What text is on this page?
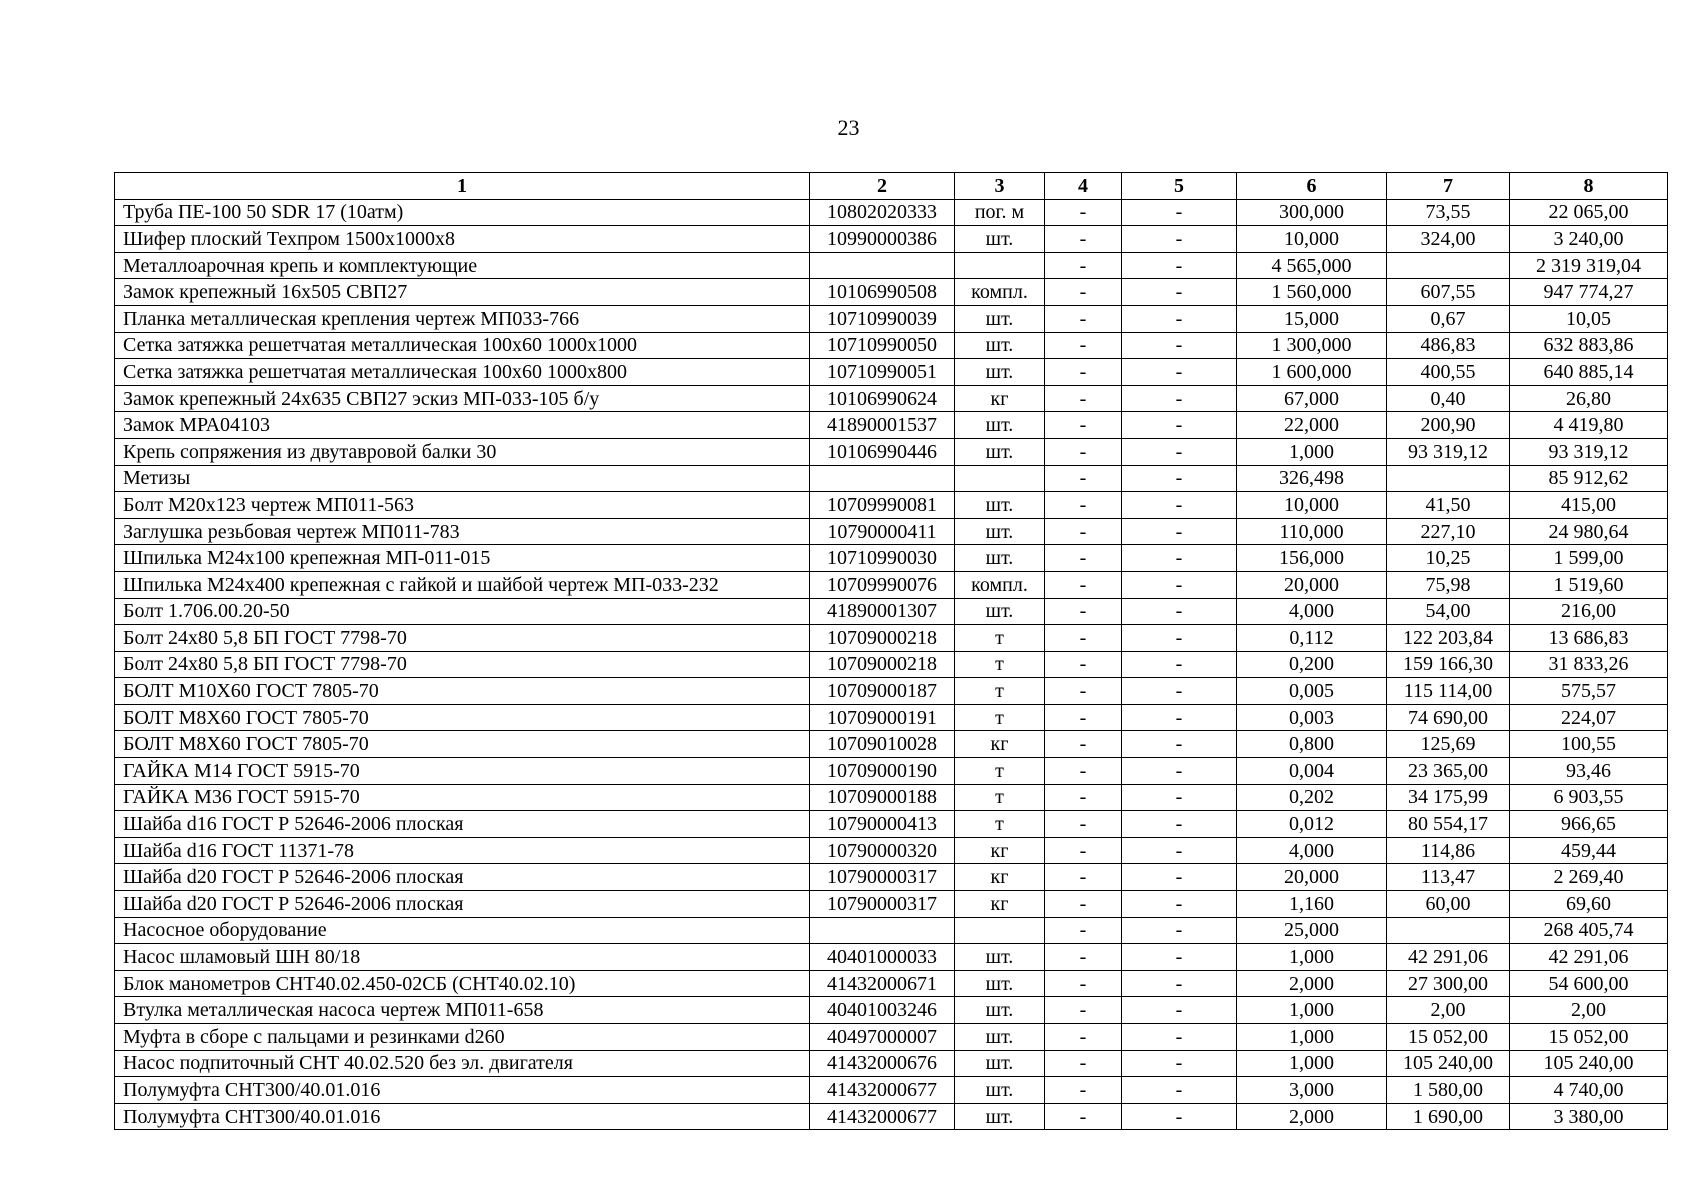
23
1	2	3	4	5	6	7	8
Труба ПЕ-100 50 SDR 17 (10атм)	10802020333	пог. м	-	-	300,000	73,55	22 065,00
Шифер плоский Техпром 1500x1000x8	10990000386	шт.	-	-	10,000	324,00	3 240,00
Металлоарочная крепь и комплектующие			-	-	4 565,000		2 319 319,04
Замок крепежный 16х505 СВП27	10106990508	компл.	-	-	1 560,000	607,55	947 774,27
Планка металлическая крепления чертеж МП033-766	10710990039	шт.	-	-	15,000	0,67	10,05
Сетка затяжка решетчатая металлическая 100х60 1000х1000	10710990050	шт.	-	-	1 300,000	486,83	632 883,86
Сетка затяжка решетчатая металлическая 100х60 1000х800	10710990051	шт.	-	-	1 600,000	400,55	640 885,14
Замок крепежный 24х635 СВП27 эскиз МП-033-105 б/у	10106990624	кг	-	-	67,000	0,40	26,80
Замок МРА04103	41890001537	шт.	-	-	22,000	200,90	4 419,80
Крепь сопряжения из двутавровой балки 30	10106990446	шт.	-	-	1,000	93 319,12	93 319,12
Метизы			-	-	326,498		85 912,62
Болт М20х123 чертеж МП011-563	10709990081	шт.	-	-	10,000	41,50	415,00
Заглушка резьбовая чертеж МП011-783	10790000411	шт.	-	-	110,000	227,10	24 980,64
Шпилька М24х100 крепежная МП-011-015	10710990030	шт.	-	-	156,000	10,25	1 599,00
Шпилька М24х400 крепежная с гайкой и шайбой чертеж МП-033-232	10709990076	компл.	-	-	20,000	75,98	1 519,60
Болт 1.706.00.20-50	41890001307	шт.	-	-	4,000	54,00	216,00
Болт 24х80 5,8 БП ГОСТ 7798-70	10709000218	т	-	-	0,112	122 203,84	13 686,83
Болт 24х80 5,8 БП ГОСТ 7798-70	10709000218	т	-	-	0,200	159 166,30	31 833,26
БОЛТ М10Х60 ГОСТ 7805-70	10709000187	т	-	-	0,005	115 114,00	575,57
БОЛТ М8Х60 ГОСТ 7805-70	10709000191	т	-	-	0,003	74 690,00	224,07
БОЛТ М8Х60 ГОСТ 7805-70	10709010028	кг	-	-	0,800	125,69	100,55
ГАЙКА М14 ГОСТ 5915-70	10709000190	т	-	-	0,004	23 365,00	93,46
ГАЙКА М36 ГОСТ 5915-70	10709000188	т	-	-	0,202	34 175,99	6 903,55
Шайба d16 ГОСТ Р 52646-2006 плоская	10790000413	т	-	-	0,012	80 554,17	966,65
Шайба d16 ГОСТ 11371-78	10790000320	кг	-	-	4,000	114,86	459,44
Шайба d20 ГОСТ Р 52646-2006 плоская	10790000317	кг	-	-	20,000	113,47	2 269,40
Шайба d20 ГОСТ Р 52646-2006 плоская	10790000317	кг	-	-	1,160	60,00	69,60
Насосное оборудование			-	-	25,000		268 405,74
Насос шламовый ШН 80/18	40401000033	шт.	-	-	1,000	42 291,06	42 291,06
Блок манометров СНТ40.02.450-02СБ (СНТ40.02.10)	41432000671	шт.	-	-	2,000	27 300,00	54 600,00
Втулка металлическая насоса чертеж МП011-658	40401003246	шт.	-	-	1,000	2,00	2,00
Муфта в сборе с пальцами и резинками d260	40497000007	шт.	-	-	1,000	15 052,00	15 052,00
Насос подпиточный СНТ 40.02.520 без эл. двигателя	41432000676	шт.	-	-	1,000	105 240,00	105 240,00
Полумуфта СНТ300/40.01.016	41432000677	шт.	-	-	3,000	1 580,00	4 740,00
Полумуфта СНТ300/40.01.016	41432000677	шт.	-	-	2,000	1 690,00	3 380,00
